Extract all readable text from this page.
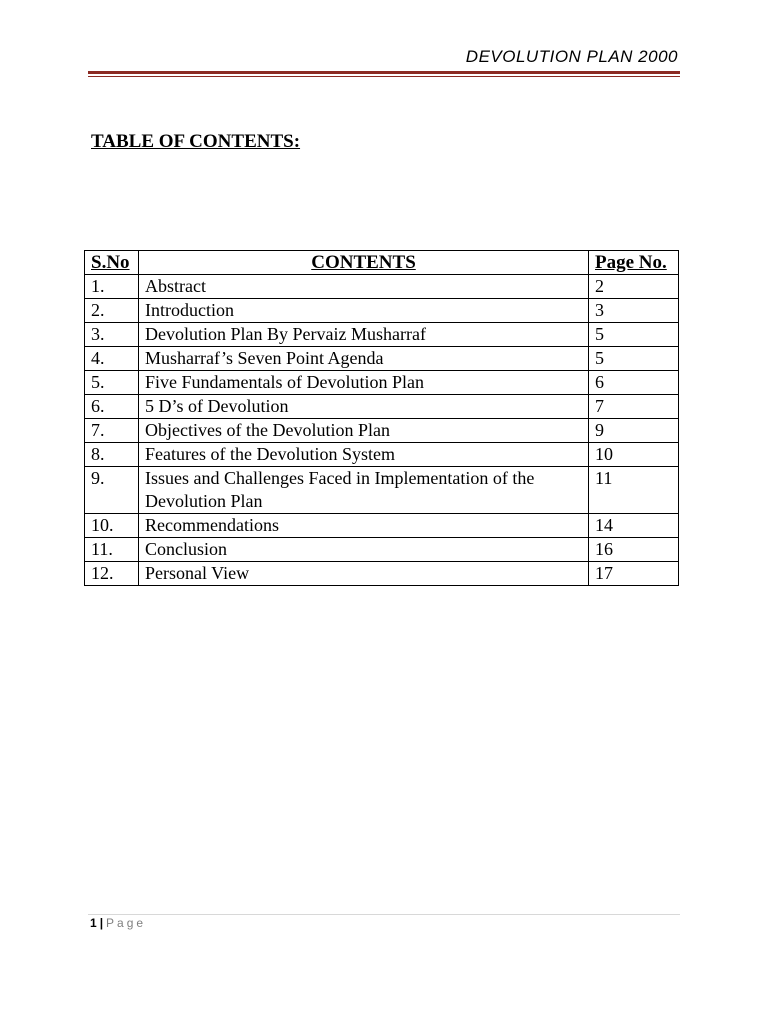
DEVOLUTION PLAN 2000
TABLE OF CONTENTS:
S.No	CONTENTS	Page No.
1.	Abstract	2
2.	Introduction	3
3.	Devolution Plan By Pervaiz Musharraf	5
4.	Musharraf’s Seven Point Agenda	5
5.	Five Fundamentals of Devolution Plan	6
6.	5 D’s of Devolution	7
7.	Objectives of the Devolution Plan	9
8.	Features of the Devolution System	10
9.	Issues and Challenges Faced in Implementation of the Devolution Plan	11
10.	Recommendations	14
11.	Conclusion	16
12.	Personal View	17
1 | Page
